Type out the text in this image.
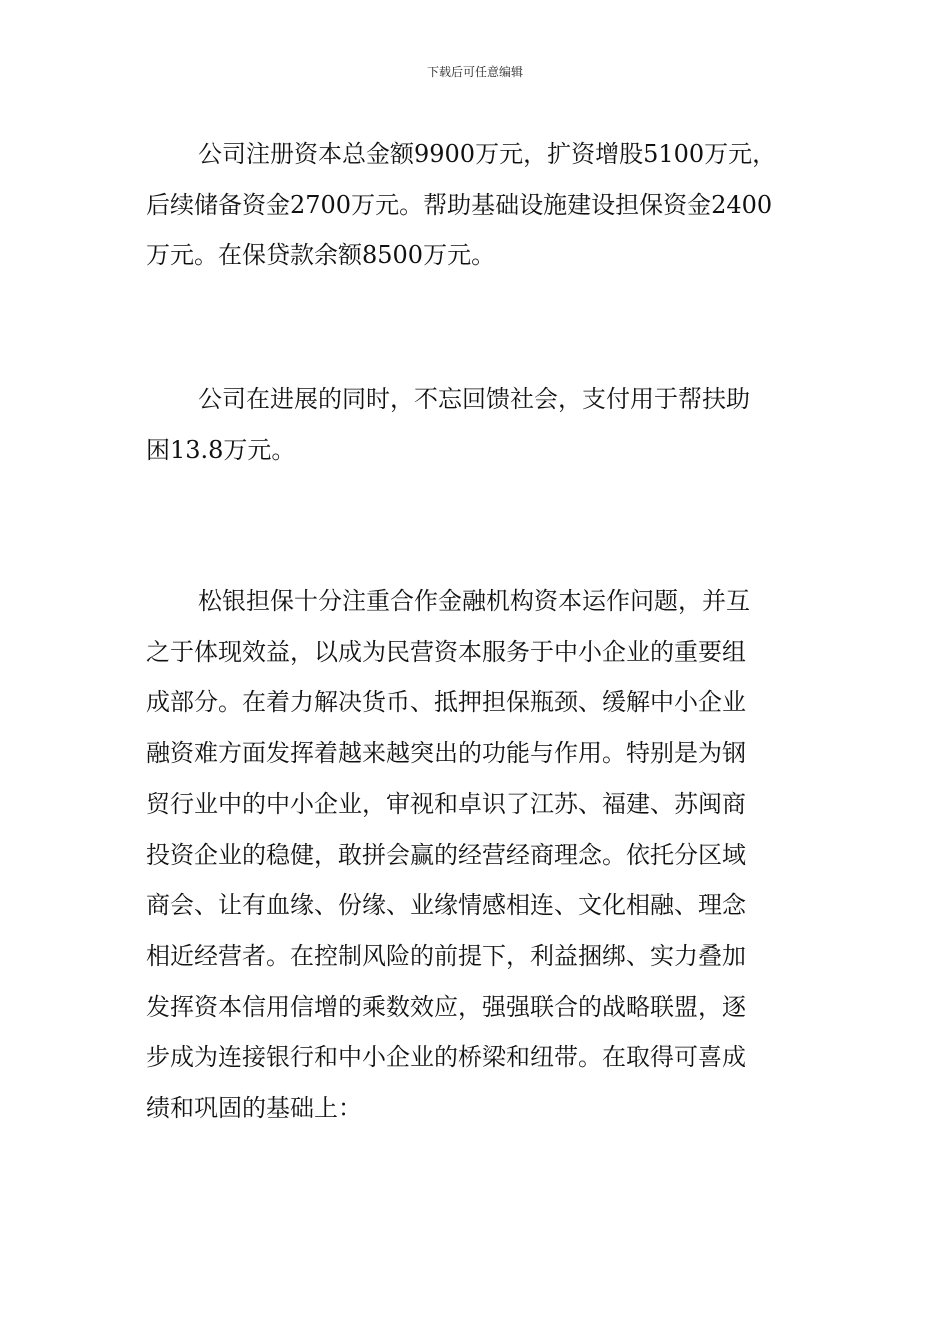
下载后可任意编辑
公司注册资本总金额9900万元，扩资增股5100万元，
后续储备资金2700万元。帮助基础设施建设担保资金2400
万元。在保贷款余额8500万元。
公司在进展的同时，不忘回馈社会，支付用于帮扶助
困13.8万元。
松银担保十分注重合作金融机构资本运作问题，并互
之于体现效益，以成为民营资本服务于中小企业的重要组
成部分。在着力解决货币、抵押担保瓶颈、缓解中小企业
融资难方面发挥着越来越突出的功能与作用。特别是为钢
贸行业中的中小企业，审视和卓识了江苏、福建、苏闽商
投资企业的稳健，敢拼会赢的经营经商理念。依托分区域
商会、让有血缘、份缘、业缘情感相连、文化相融、理念
相近经营者。在控制风险的前提下，利益捆绑、实力叠加
发挥资本信用信增的乘数效应，强强联合的战略联盟，逐
步成为连接银行和中小企业的桥梁和纽带。在取得可喜成
绩和巩固的基础上：
